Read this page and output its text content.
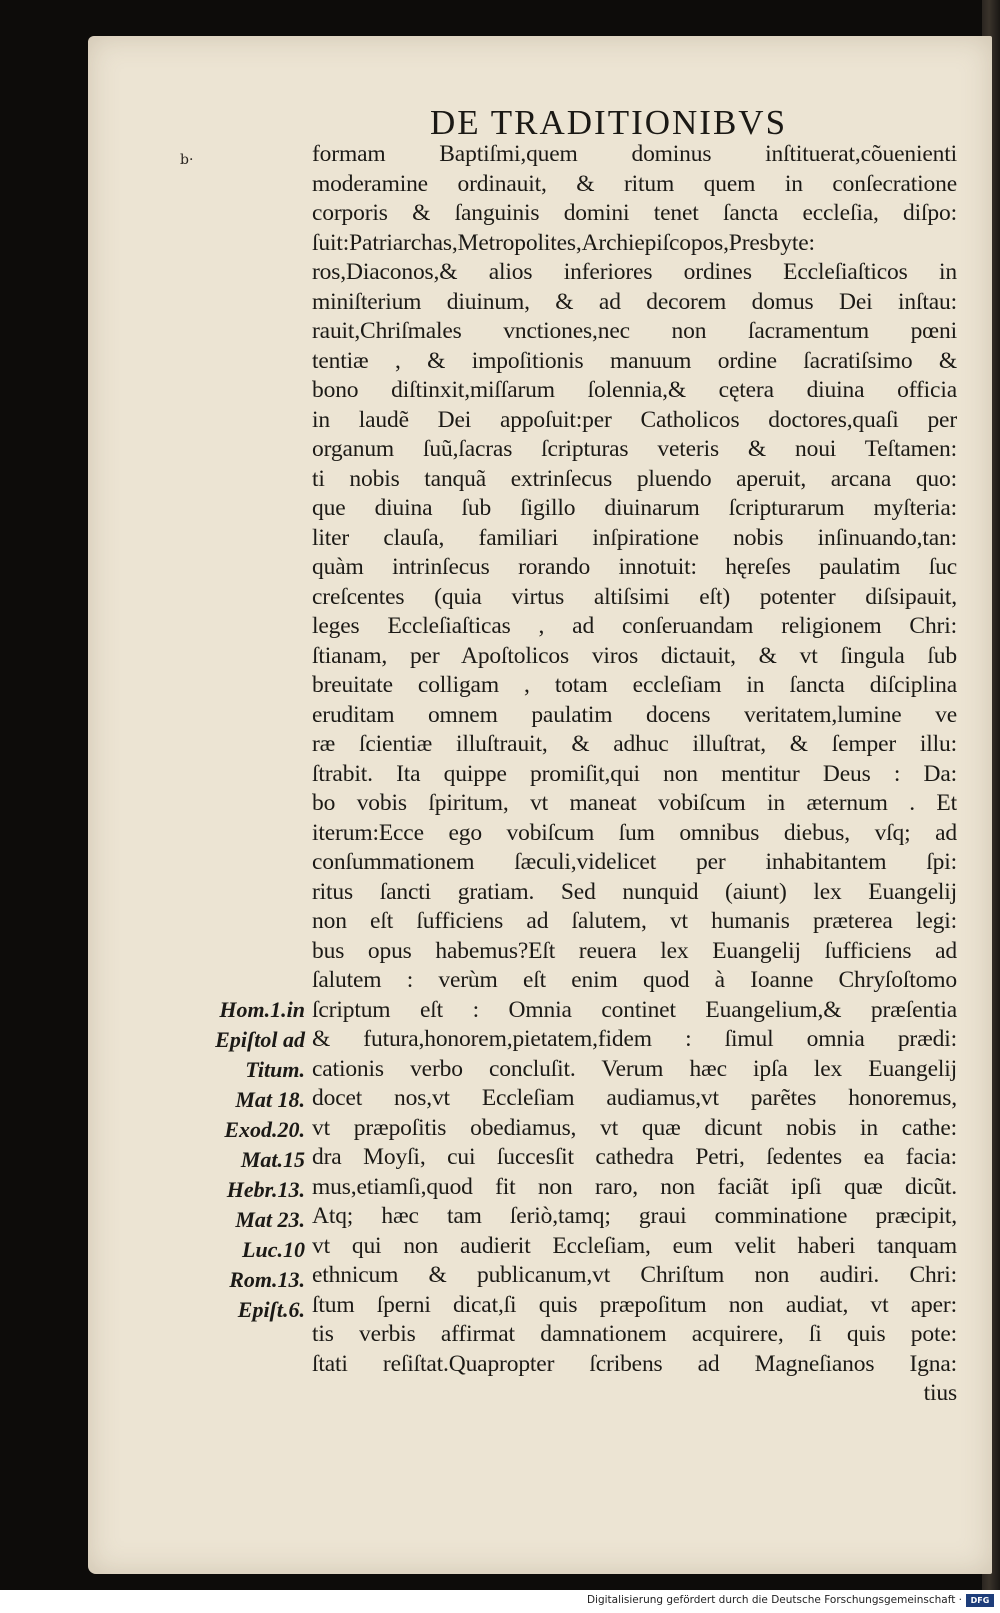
DE TRADITIONIBVS
b·	formam Baptiſmi,quem dominus inſtituerat,cõuenienti
moderamine ordinauit, & ritum quem in conſecratione
corporis & ſanguinis domini tenet ſancta eccleſia, diſpo:
ſuit:Patriarchas,Metropolites,Archiepiſcopos,Presbyte:
ros,Diaconos,& alios inferiores ordines Eccleſiaſticos in
miniſterium diuinum, & ad decorem domus Dei inſtau:
rauit,Chriſmales vnctiones,nec non ſacramentum pœni
tentiæ , & impoſitionis manuum ordine ſacratiſsimo &
bono diſtinxit,miſſarum ſolennia,& cętera diuina officia
in laudẽ Dei appoſuit:per Catholicos doctores,quaſi per
organum ſuũ,ſacras ſcripturas veteris & noui Teſtamen:
ti nobis tanquã extrinſecus pluendo aperuit, arcana quo:
que diuina ſub ſigillo diuinarum ſcripturarum myſteria:
liter clauſa, familiari inſpiratione nobis inſinuando,tan:
quàm intrinſecus rorando innotuit: hęreſes paulatim ſuc
creſcentes (quia virtus altiſsimi eſt) potenter diſsipauit,
leges Eccleſiaſticas , ad conſeruandam religionem Chri:
ſtianam, per Apoſtolicos viros dictauit, & vt ſingula ſub
breuitate colligam , totam eccleſiam in ſancta diſciplina
eruditam omnem paulatim docens veritatem,lumine ve
ræ ſcientiæ illuſtrauit, & adhuc illuſtrat, & ſemper illu:
ſtrabit. Ita quippe promiſit,qui non mentitur Deus : Da:
bo vobis ſpiritum, vt maneat vobiſcum in æternum . Et
iterum:Ecce ego vobiſcum ſum omnibus diebus, vſq; ad
conſummationem ſæculi,videlicet per inhabitantem ſpi:
ritus ſancti gratiam. Sed nunquid (aiunt) lex Euangelij
non eſt ſufficiens ad ſalutem, vt humanis præterea legi:
bus opus habemus?Eſt reuera lex Euangelij ſufficiens ad
ſalutem : verùm eſt enim quod à Ioanne Chryſoſtomo
ſcriptum eſt : Omnia continet Euangelium,& præſentia
& futura,honorem,pietatem,fidem : ſimul omnia prædi:
cationis verbo concluſit. Verum hæc ipſa lex Euangelij
docet nos,vt Eccleſiam audiamus,vt parẽtes honoremus,
vt præpoſitis obediamus, vt quæ dicunt nobis in cathe:
dra Moyſi, cui ſuccesſit cathedra Petri, ſedentes ea facia:
mus,etiamſi,quod fit non raro, non faciãt ipſi quæ dicũt.
Atq; hæc tam ſeriò,tamq; graui comminatione præcipit,
vt qui non audierit Eccleſiam, eum velit haberi tanquam
ethnicum & publicanum,vt Chriſtum non audiri. Chri:
ſtum ſperni dicat,ſi quis præpoſitum non audiat, vt aper:
tis verbis affirmat damnationem acquirere, ſi quis pote:
ſtati reſiſtat.Quapropter ſcribens ad Magneſianos Igna:
tius
Hom.1.in
Epiſtol ad
Titum.
Mat 18.
Exod.20.
Mat.15
Hebr.13.
Mat 23.
Luc.10
Rom.13.
Epiſt.6.
Digitalisierung gefördert durch die Deutsche Forschungsgemeinschaft ·	DFG
